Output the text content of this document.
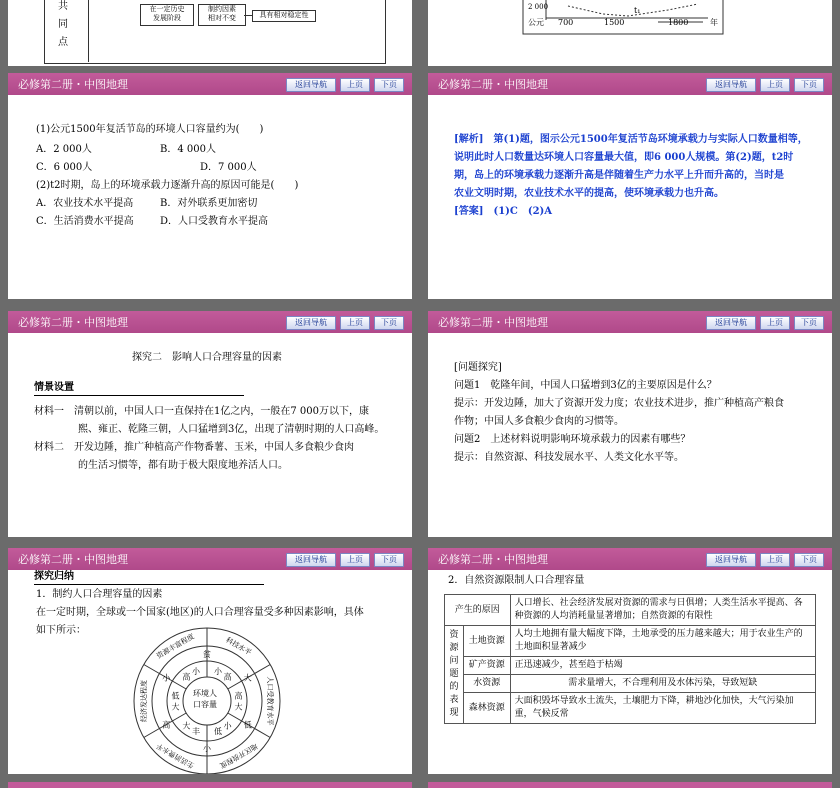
共
同
点
在一定历史
发展阶段
制约因素
相对不变	具有相对稳定性
2 000
公元 700
t₁
1500	1800	年
必修第二册・中图地理	返回导航	上页	下页
(1)公元1500年复活节岛的环境人口容量约为(　　)
A．2 000人	B．4 000人
C．6 000人	D．7 000人
(2)t2时期，岛上的环境承载力逐渐升高的原因可能是(　　)
A．农业技术水平提高	B．对外联系更加密切
C．生活消费水平提高	D．人口受教育水平提高
必修第二册・中图地理	返回导航	上页	下页
[解析]　第(1)题，图示公元1500年复活节岛环境承载力与实际人口数量相等，
说明此时人口数量达环境人口容量最大值，即6 000人规模。第(2)题，t2时
期，岛上的环境承载力逐渐升高是伴随着生产力水平上升而升高的，当时是
农业文明时期，农业技术水平的提高，使环境承载力也升高。
[答案]　(1)C　(2)A
必修第二册・中图地理	返回导航	上页	下页
探究二　影响人口合理容量的因素
情景设置
材料一　清朝以前，中国人口一直保持在1亿之内，一般在7 000万以下，康
熙、雍正、乾隆三朝，人口猛增到3亿，出现了清朝时期的人口高峰。
材料二　开发边陲，推广种植高产作物番薯、玉米，中国人多食粮少食肉
的生活习惯等，都有助于极大限度地养活人口。
必修第二册・中图地理	返回导航	上页	下页
[问题探究]
问题1　乾隆年间，中国人口猛增到3亿的主要原因是什么？
提示：开发边陲，加大了资源开发力度；农业技术进步，推广种植高产粮食
作物；中国人多食粮少食肉的习惯等。
问题2　上述材料说明影响环境承载力的因素有哪些？
提示：自然资源、科技发展水平、人类文化水平等。
必修第二册・中图地理	返回导航	上页	下页
探究归纳
1．制约人口合理容量的因素
在一定时期，全球或一个国家(地区)的人口合理容量受多种因素影响，具体
如下所示：
高 大
高
大
低
小
低
小
丰
大
高
大
低
小 高
小
贫
小
科技水平
人口受教育水平
地区开放程度
生活消费水平
经济发达程度
资源丰富程度
环境人
口容量
必修第二册・中图地理	返回导航	上页	下页
2．自然资源限制人口合理容量
产生的原因		人口增长、社会经济发展对资源的需求与日俱增；人类生活水平提高、各种资源的人均消耗量显著增加；自然资源的有限性
资源问题的表现	土地资源	人均土地拥有量大幅度下降，土地承受的压力越来越大；用于农业生产的土地面积显著减少
	矿产资源	正迅速减少，甚至趋于枯竭
	水资源	需求量增大，不合理利用及水体污染，导致短缺
	森林资源	大面积毁坏导致水土流失，土壤肥力下降，耕地沙化加快，大气污染加重，气候反常
